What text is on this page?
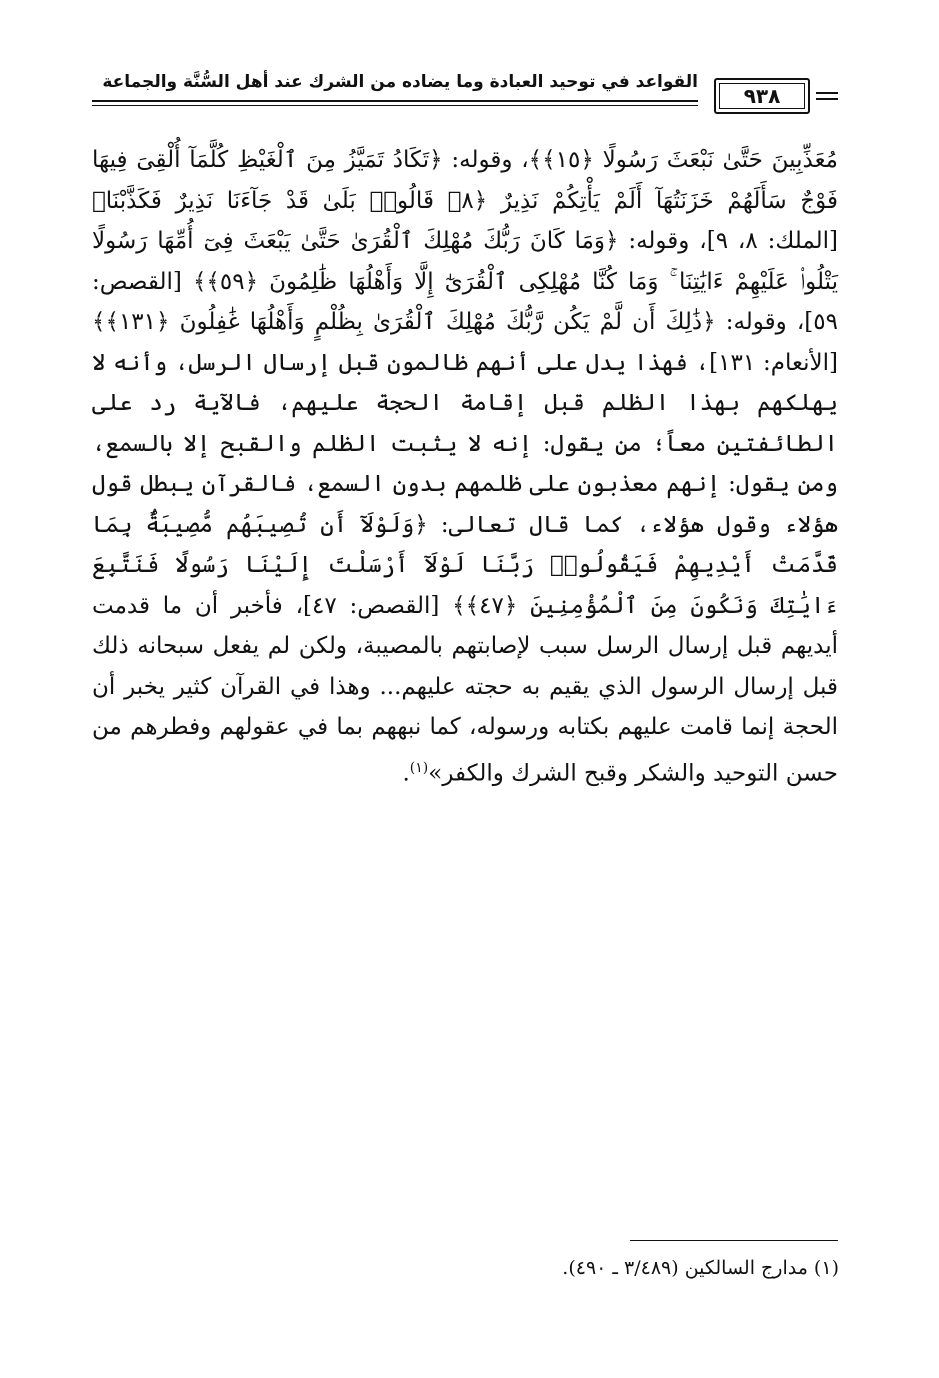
القواعد في توحيد العبادة وما يضاده من الشرك عند أهل السُّنَّة والجماعة
٩٣٨
مُعَذِّبِينَ حَتَّىٰ نَبْعَثَ رَسُولًا ﴿١٥﴾﴾، وقوله: ﴿تَكَادُ تَمَيَّزُ مِنَ ٱلْغَيْظِ كُلَّمَآ أُلْقِىَ فِيهَا فَوْجٌ سَأَلَهُمْ خَزَنَتُهَآ أَلَمْ يَأْتِكُمْ نَذِيرٌ ﴿٨﴾ قَالُوا۟ بَلَىٰ قَدْ جَآءَنَا نَذِيرٌ فَكَذَّبْنَا﴾ [الملك: ٨، ٩]، وقوله: ﴿وَمَا كَانَ رَبُّكَ مُهْلِكَ ٱلْقُرَىٰ حَتَّىٰ يَبْعَثَ فِىٓ أُمِّهَا رَسُولًا يَتْلُوا۟ عَلَيْهِمْ ءَايَٰتِنَا ۚ وَمَا كُنَّا مُهْلِكِى ٱلْقُرَىٰٓ إِلَّا وَأَهْلُهَا ظَٰلِمُونَ ﴿٥٩﴾﴾ [القصص: ٥٩]، وقوله: ﴿ذَٰلِكَ أَن لَّمْ يَكُن رَّبُّكَ مُهْلِكَ ٱلْقُرَىٰ بِظُلْمٍ وَأَهْلُهَا غَٰفِلُونَ ﴿١٣١﴾﴾ [الأنعام: ١٣١]، فهذا يدل على أنهم ظالمون قبل إرسال الرسل، وأنه لا يهلكهم بهذا الظلم قبل إقامة الحجة عليهم، فالآية رد على الطائفتين معاً؛ من يقول: إنه لا يثبت الظلم والقبح إلا بالسمع، ومن يقول: إنهم معذبون على ظلمهم بدون السمع، فالقرآن يبطل قول هؤلاء وقول هؤلاء، كما قال تعالى: ﴿وَلَوْلَآ أَن تُصِيبَهُم مُّصِيبَةٌۢ بِمَا قَدَّمَتْ أَيْدِيهِمْ فَيَقُولُوا۟ رَبَّنَا لَوْلَآ أَرْسَلْتَ إِلَيْنَا رَسُولًا فَنَتَّبِعَ ءَايَٰتِكَ وَنَكُونَ مِنَ ٱلْمُؤْمِنِينَ ﴿٤٧﴾﴾ [القصص: ٤٧]، فأخبر أن ما قدمت أيديهم قبل إرسال الرسل سبب لإصابتهم بالمصيبة، ولكن لم يفعل سبحانه ذلك قبل إرسال الرسول الذي يقيم به حجته عليهم... وهذا في القرآن كثير يخبر أن الحجة إنما قامت عليهم بكتابه ورسوله، كما نبههم بما في عقولهم وفطرهم من حسن التوحيد والشكر وقبح الشرك والكفر»$^{(١)}$.
(١) مدارج السالكين (٣/٤٨٩ ـ ٤٩٠).
